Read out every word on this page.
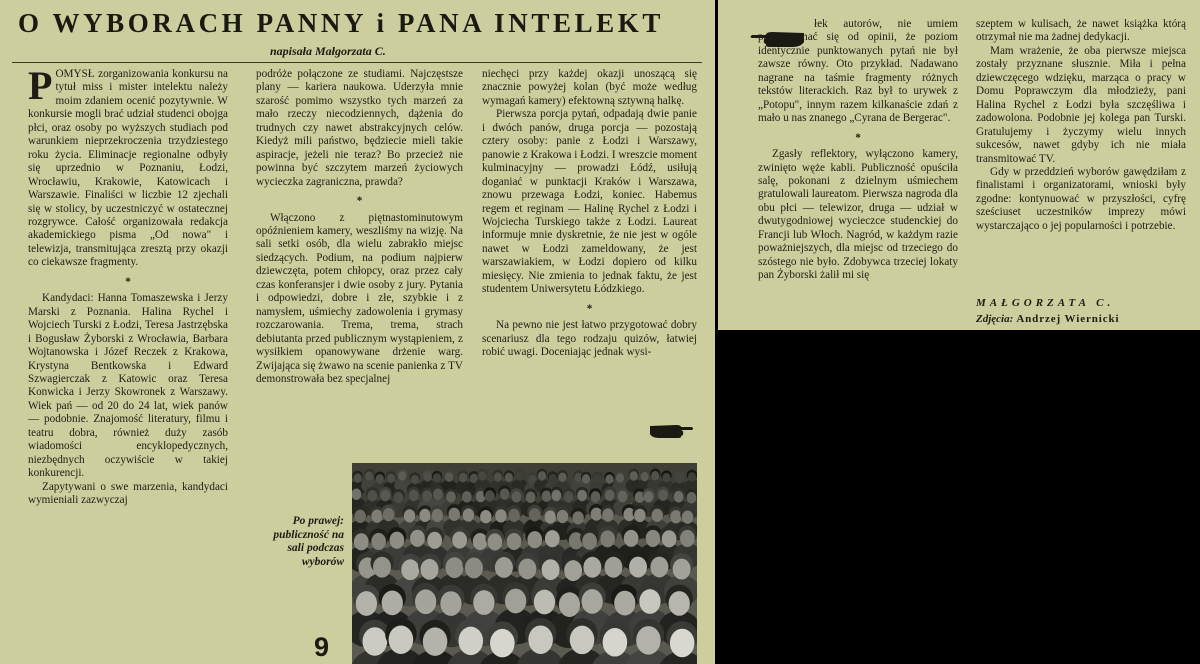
O WYBORACH PANNY i PANA INTELEKT
napisała Małgorzata C.

POMYSŁ zorganizowania konkursu na tytuł miss i mister intelektu należy moim zdaniem ocenić pozytywnie. W konkursie mogli brać udział studenci obojga płci, oraz osoby po wyższych studiach pod warunkiem nieprzekroczenia trzydziestego roku życia. Eliminacje regionalne odbyły się uprzednio w Poznaniu, Łodzi, Wrocławiu, Krakowie, Katowicach i Warszawie. Finaliści w liczbie 12 zjechali się w stolicy, by uczestniczyć w ostatecznej rozgrywce. Całość organizowała redakcja akademickiego pisma „Od nowa" i telewizja, transmitująca zresztą przy okazji co ciekawsze fragmenty.

*

Kandydaci: Hanna Tomaszewska i Jerzy Marski z Poznania. Halina Rychel i Wojciech Turski z Łodzi, Teresa Jastrzębska i Bogusław Żyborski z Wrocławia, Barbara Wojtanowska i Józef Reczek z Krakowa, Krystyna Bentkowska i Edward Szwagierczak z Katowic oraz Teresa Konwicka i Jerzy Skowronek z Warszawy. Wiek pań — od 20 do 24 lat, wiek panów — podobnie. Znajomość literatury, filmu i teatru dobra, również duży zasób wiadomości encyklopedycznych, niezbędnych oczywiście w takiej konkurencji.

Zapytywani o swe marzenia, kandydaci wymieniali zazwyczaj

podróże połączone ze studiami. Najczęstsze plany — kariera naukowa. Uderzyła mnie szarość pomimo wszystko tych marzeń za mało rzeczy niecodziennych, dążenia do trudnych czy nawet abstrakcyjnych celów. Kiedyż mili państwo, będziecie mieli takie aspiracje, jeżeli nie teraz? Bo przecież nie powinna być szczytem marzeń życiowych wycieczka zagraniczna, prawda?

*

Włączono z piętnastominutowym opóźnieniem kamery, weszliśmy na wizję. Na sali setki osób, dla wielu zabrakło miejsc siedzących. Podium, na podium najpierw dziewczęta, potem chłopcy, oraz przez cały czas konferansjer i dwie osoby z jury. Pytania i odpowiedzi, dobre i złe, szybkie i z namysłem, uśmiechy zadowolenia i grymasy rozczarowania. Trema, trema, strach debiutanta przed publicznym wystąpieniem, z wysiłkiem opanowywane drżenie warg. Zwijająca się żwawo na scenie panienka z TV demonstrowała bez specjalnej

niechęci przy każdej okazji unoszącą się znacznie powyżej kolan (być może według wymagań kamery) efektowną sztywną halkę.

Pierwsza porcja pytań, odpadają dwie panie i dwóch panów, druga porcja — pozostają cztery osoby: panie z Łodzi i Warszawy, panowie z Krakowa i Łodzi. I wreszcie moment kulminacyjny — prowadzi Łódź, usiłują doganiać w punktacji Kraków i Warszawa, znowu przewaga Łodzi, koniec. Habemus regem et reginam — Halinę Rychel z Łodzi i Wojciecha Turskiego także z Łodzi. Laureat informuje mnie dyskretnie, że nie jest w ogóle nawet w Łodzi zameldowany, że jest warszawiakiem, w Łodzi dopiero od kilku miesięcy. Nie zmienia to jednak faktu, że jest studentem Uniwersytetu Łódzkiego.

*

Na pewno nie jest łatwo przygotować dobry scenariusz dla tego rodzaju quizów, łatwiej robić uwagi. Doceniając jednak wysi-

Po prawej: publiczność na sali podczas wyborów
9

łek autorów, nie umiem powstrzymać się od opinii, że poziom identycznie punktowanych pytań nie był zawsze równy. Oto przykład. Nadawano nagrane na taśmie fragmenty różnych tekstów literackich. Raz był to urywek z „Potopu", innym razem kilkanaście zdań z mało u nas znanego „Cyrana de Bergerac".

*

Zgasły reflektory, wyłączono kamery, zwinięto węże kabli. Publiczność opuściła salę, pokonani z dzielnym uśmiechem gratulowali laureatom. Pierwsza nagroda dla obu płci — telewizor, druga — udział w dwutygodniowej wycieczce studenckiej do Francji lub Włoch. Nagród, w każdym razie poważniejszych, dla miejsc od trzeciego do szóstego nie było. Zdobywca trzeciej lokaty pan Żyborski żalił mi się

szeptem w kulisach, że nawet książka którą otrzymał nie ma żadnej dedykacji.

Mam wrażenie, że oba pierwsze miejsca zostały przyznane słusznie. Miła i pełna dziewczęcego wdzięku, marząca o pracy w Domu Poprawczym dla młodzieży, pani Halina Rychel z Łodzi była szczęśliwa i zadowolona. Podobnie jej kolega pan Turski. Gratulujemy i życzymy wielu innych sukcesów, nawet gdyby ich nie miała transmitować TV.

Gdy w przeddzień wyborów gawędziłam z finalistami i organizatorami, wnioski były zgodne: kontynuować w przyszłości, cyfrę sześciuset uczestników imprezy mówi wystarczająco o jej popularności i potrzebie.

MAŁGORZATA C.
Zdjęcia: Andrzej Wiernicki
